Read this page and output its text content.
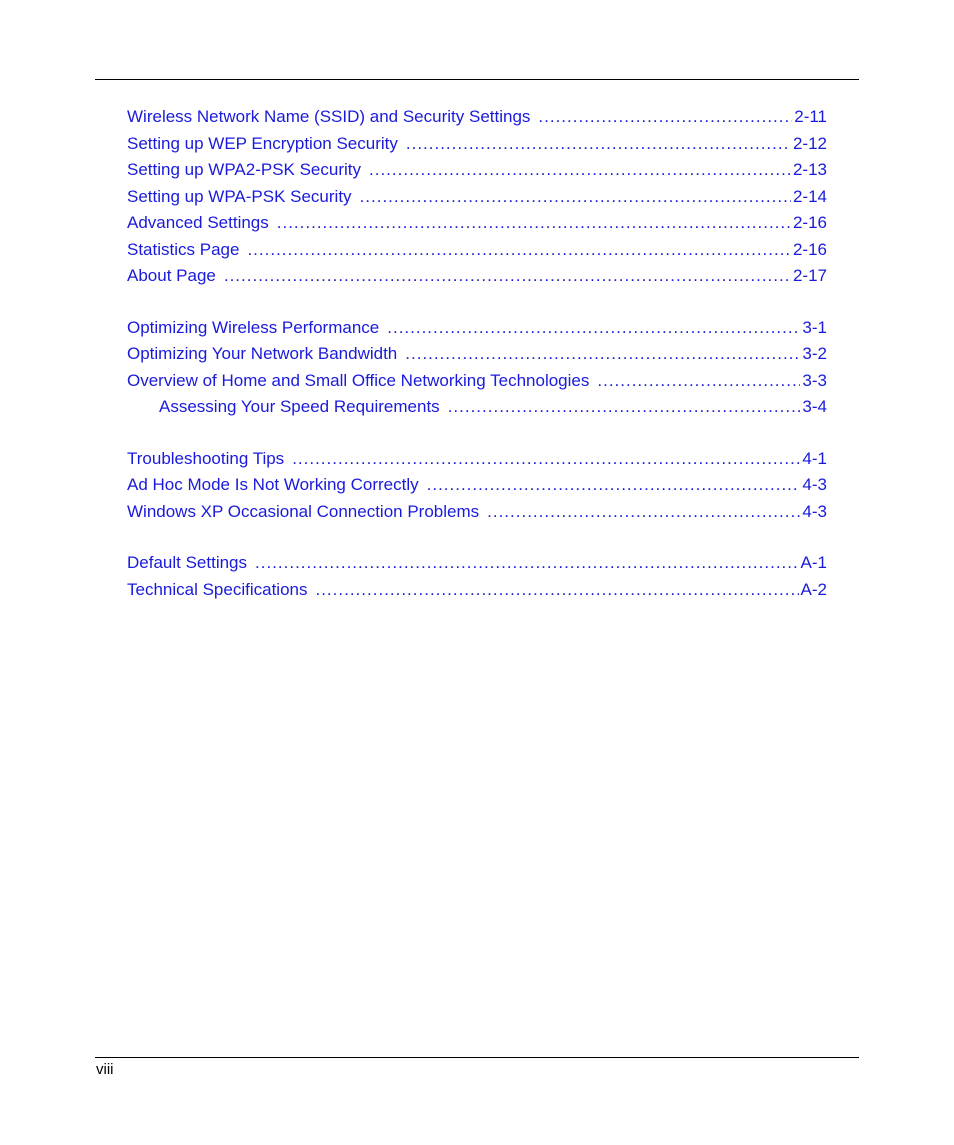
Wireless Network Name (SSID) and Security Settings .....	2-11
Setting up WEP Encryption Security .....	2-12
Setting up WPA2-PSK Security .....	2-13
Setting up WPA-PSK Security .....	2-14
Advanced Settings .....	2-16
Statistics Page .....	2-16
About Page .....	2-17
Optimizing Wireless Performance .....	3-1
Optimizing Your Network Bandwidth .....	3-2
Overview of Home and Small Office Networking Technologies .....	3-3
Assessing Your Speed Requirements .....	3-4
Troubleshooting Tips .....	4-1
Ad Hoc Mode Is Not Working Correctly .....	4-3
Windows XP Occasional Connection Problems .....	4-3
Default Settings .....	A-1
Technical Specifications .....	A-2
viii
